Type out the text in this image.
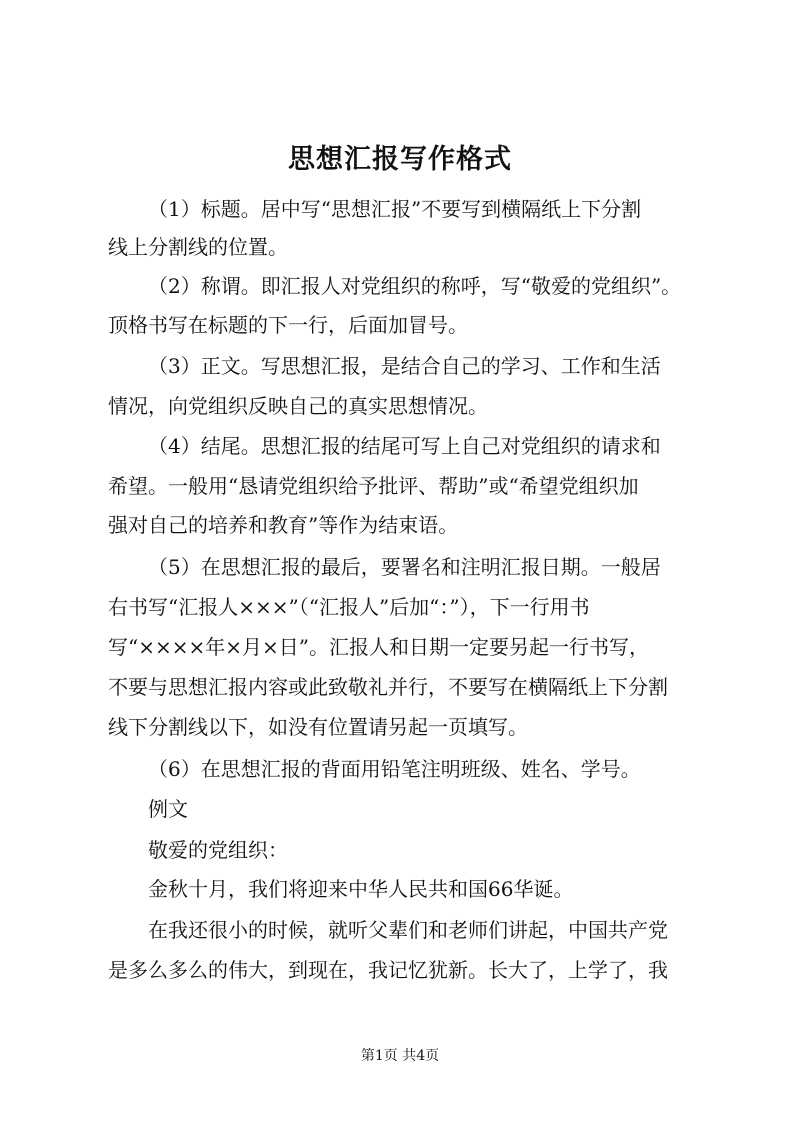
思想汇报写作格式
（1）标题。居中写“思想汇报”不要写到横隔纸上下分割
线上分割线的位置。
（2）称谓。即汇报人对党组织的称呼，写“敬爱的党组织”。
顶格书写在标题的下一行，后面加冒号。
（3）正文。写思想汇报，是结合自己的学习、工作和生活
情况，向党组织反映自己的真实思想情况。
（4）结尾。思想汇报的结尾可写上自己对党组织的请求和
希望。一般用“恳请党组织给予批评、帮助”或“希望党组织加
强对自己的培养和教育”等作为结束语。
（5）在思想汇报的最后，要署名和注明汇报日期。一般居
右书写“汇报人×××”（“汇报人”后加“：”），下一行用书
写“××××年×月×日”。汇报人和日期一定要另起一行书写，
不要与思想汇报内容或此致敬礼并行，不要写在横隔纸上下分割
线下分割线以下，如没有位置请另起一页填写。
（6）在思想汇报的背面用铅笔注明班级、姓名、学号。
例文
敬爱的党组织：
金秋十月，我们将迎来中华人民共和国66华诞。
在我还很小的时候，就听父辈们和老师们讲起，中国共产党
是多么多么的伟大，到现在，我记忆犹新。长大了，上学了，我
第1页 共4页
